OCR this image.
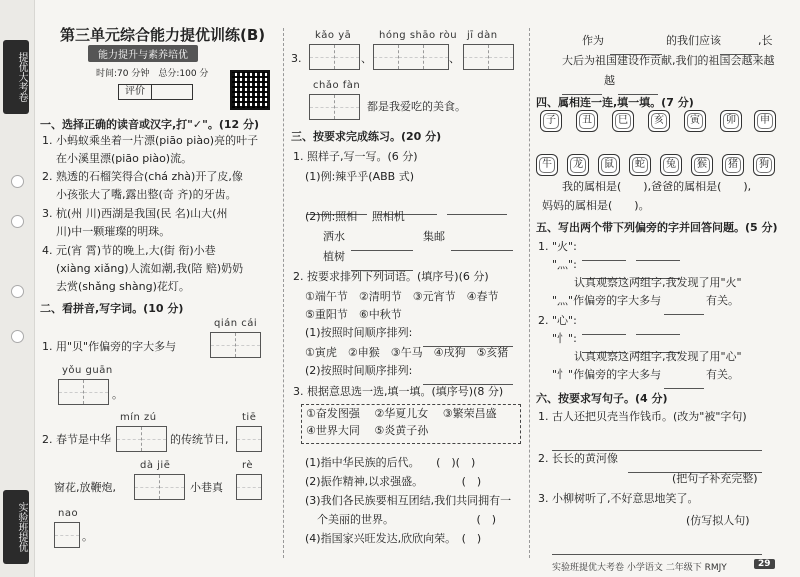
提优大考卷
实验班提优
第三单元综合能力提优训练(B)
能力提升与素养培优
时间:70 分钟　总分:100 分
评价
一、选择正确的读音或汉字,打"✓"。(12 分)
1. 小蚂蚁乘坐着一片漂(piāo piào)亮的叶子
在小溪里漂(piāo piào)流。
2. 熟透的石榴笑得合(chá zhà)开了皮,像
小孩张大了嘴,露出整(奇 齐)的牙齿。
3. 杭(州 川)西湖是我国(民 名)山大(州
川)中一颗璀璨的明珠。
4. 元(宵 霄)节的晚上,大(街 衔)小巷
(xiàng xiǎng)人流如潮,我(陪 赔)奶奶
去赏(shǎng shàng)花灯。
二、看拼音,写字词。(10 分)
qián cái
1. 用"贝"作偏旁的字大多与
yǒu guān
。
mín zú	tiē
2. 春节是中华	的传统节日,
dà jiē	rè
窗花,放鞭炮,	小巷真
nao
。
kǎo yā	hóng shāo ròu jī dàn
3.	、	、
chǎo fàn
都是我爱吃的美食。
三、按要求完成练习。(20 分)
1. 照样子,写一写。(6 分)
(1)例:辣乎乎(ABB 式)
(2)例:照相　 照相机
洒水	集邮
植树
2. 按要求排列下列词语。(填序号)(6 分)
①端午节　②清明节　③元宵节　④春节
⑤重阳节　⑥中秋节
(1)按照时间顺序排列:
①寅虎　②申猴　③午马　④戌狗　⑤亥猪
(2)按照时间顺序排列:
3. 根据意思选一选,填一填。(填序号)(8 分)
①奋发图强　 ②华夏儿女　 ③繁荣昌盛
④世界大同　 ⑤炎黄子孙
(1)指中华民族的后代。　　(　)(　)
(2)振作精神,以求强盛。　　　　(　)
(3)我们各民族要相互团结,我们共同拥有一
个美丽的世界。　　　　　　　　(　)
(4)指国家兴旺发达,欣欣向荣。　(　)
作为	的我们应该	,长
大后为祖国建设作贡献,我们的祖国会越来越
越
四、属相连一连,填一填。(7 分)
子	丑	巳	亥	寅	卯	申
牛	龙	鼠	蛇	兔	猴	猪	狗
我的属相是(　　),爸爸的属相是(　　),
妈妈的属相是(　　)。
五、写出两个带下列偏旁的字并回答问题。(5 分)
1. "火":
"灬":
认真观察这两组字,我发现了用"火"
"灬"作偏旁的字大多与	有关。
2. "心":
"忄":
认真观察这两组字,我发现了用"心"
"忄"作偏旁的字大多与	有关。
六、按要求写句子。(4 分)
1. 古人还把贝壳当作钱币。(改为"被"字句)
2. 长长的黄河像
(把句子补充完整)
3. 小柳树听了,不好意思地笑了。
(仿写拟人句)
实验班提优大考卷 小学语文 二年级下 RMJY	29
